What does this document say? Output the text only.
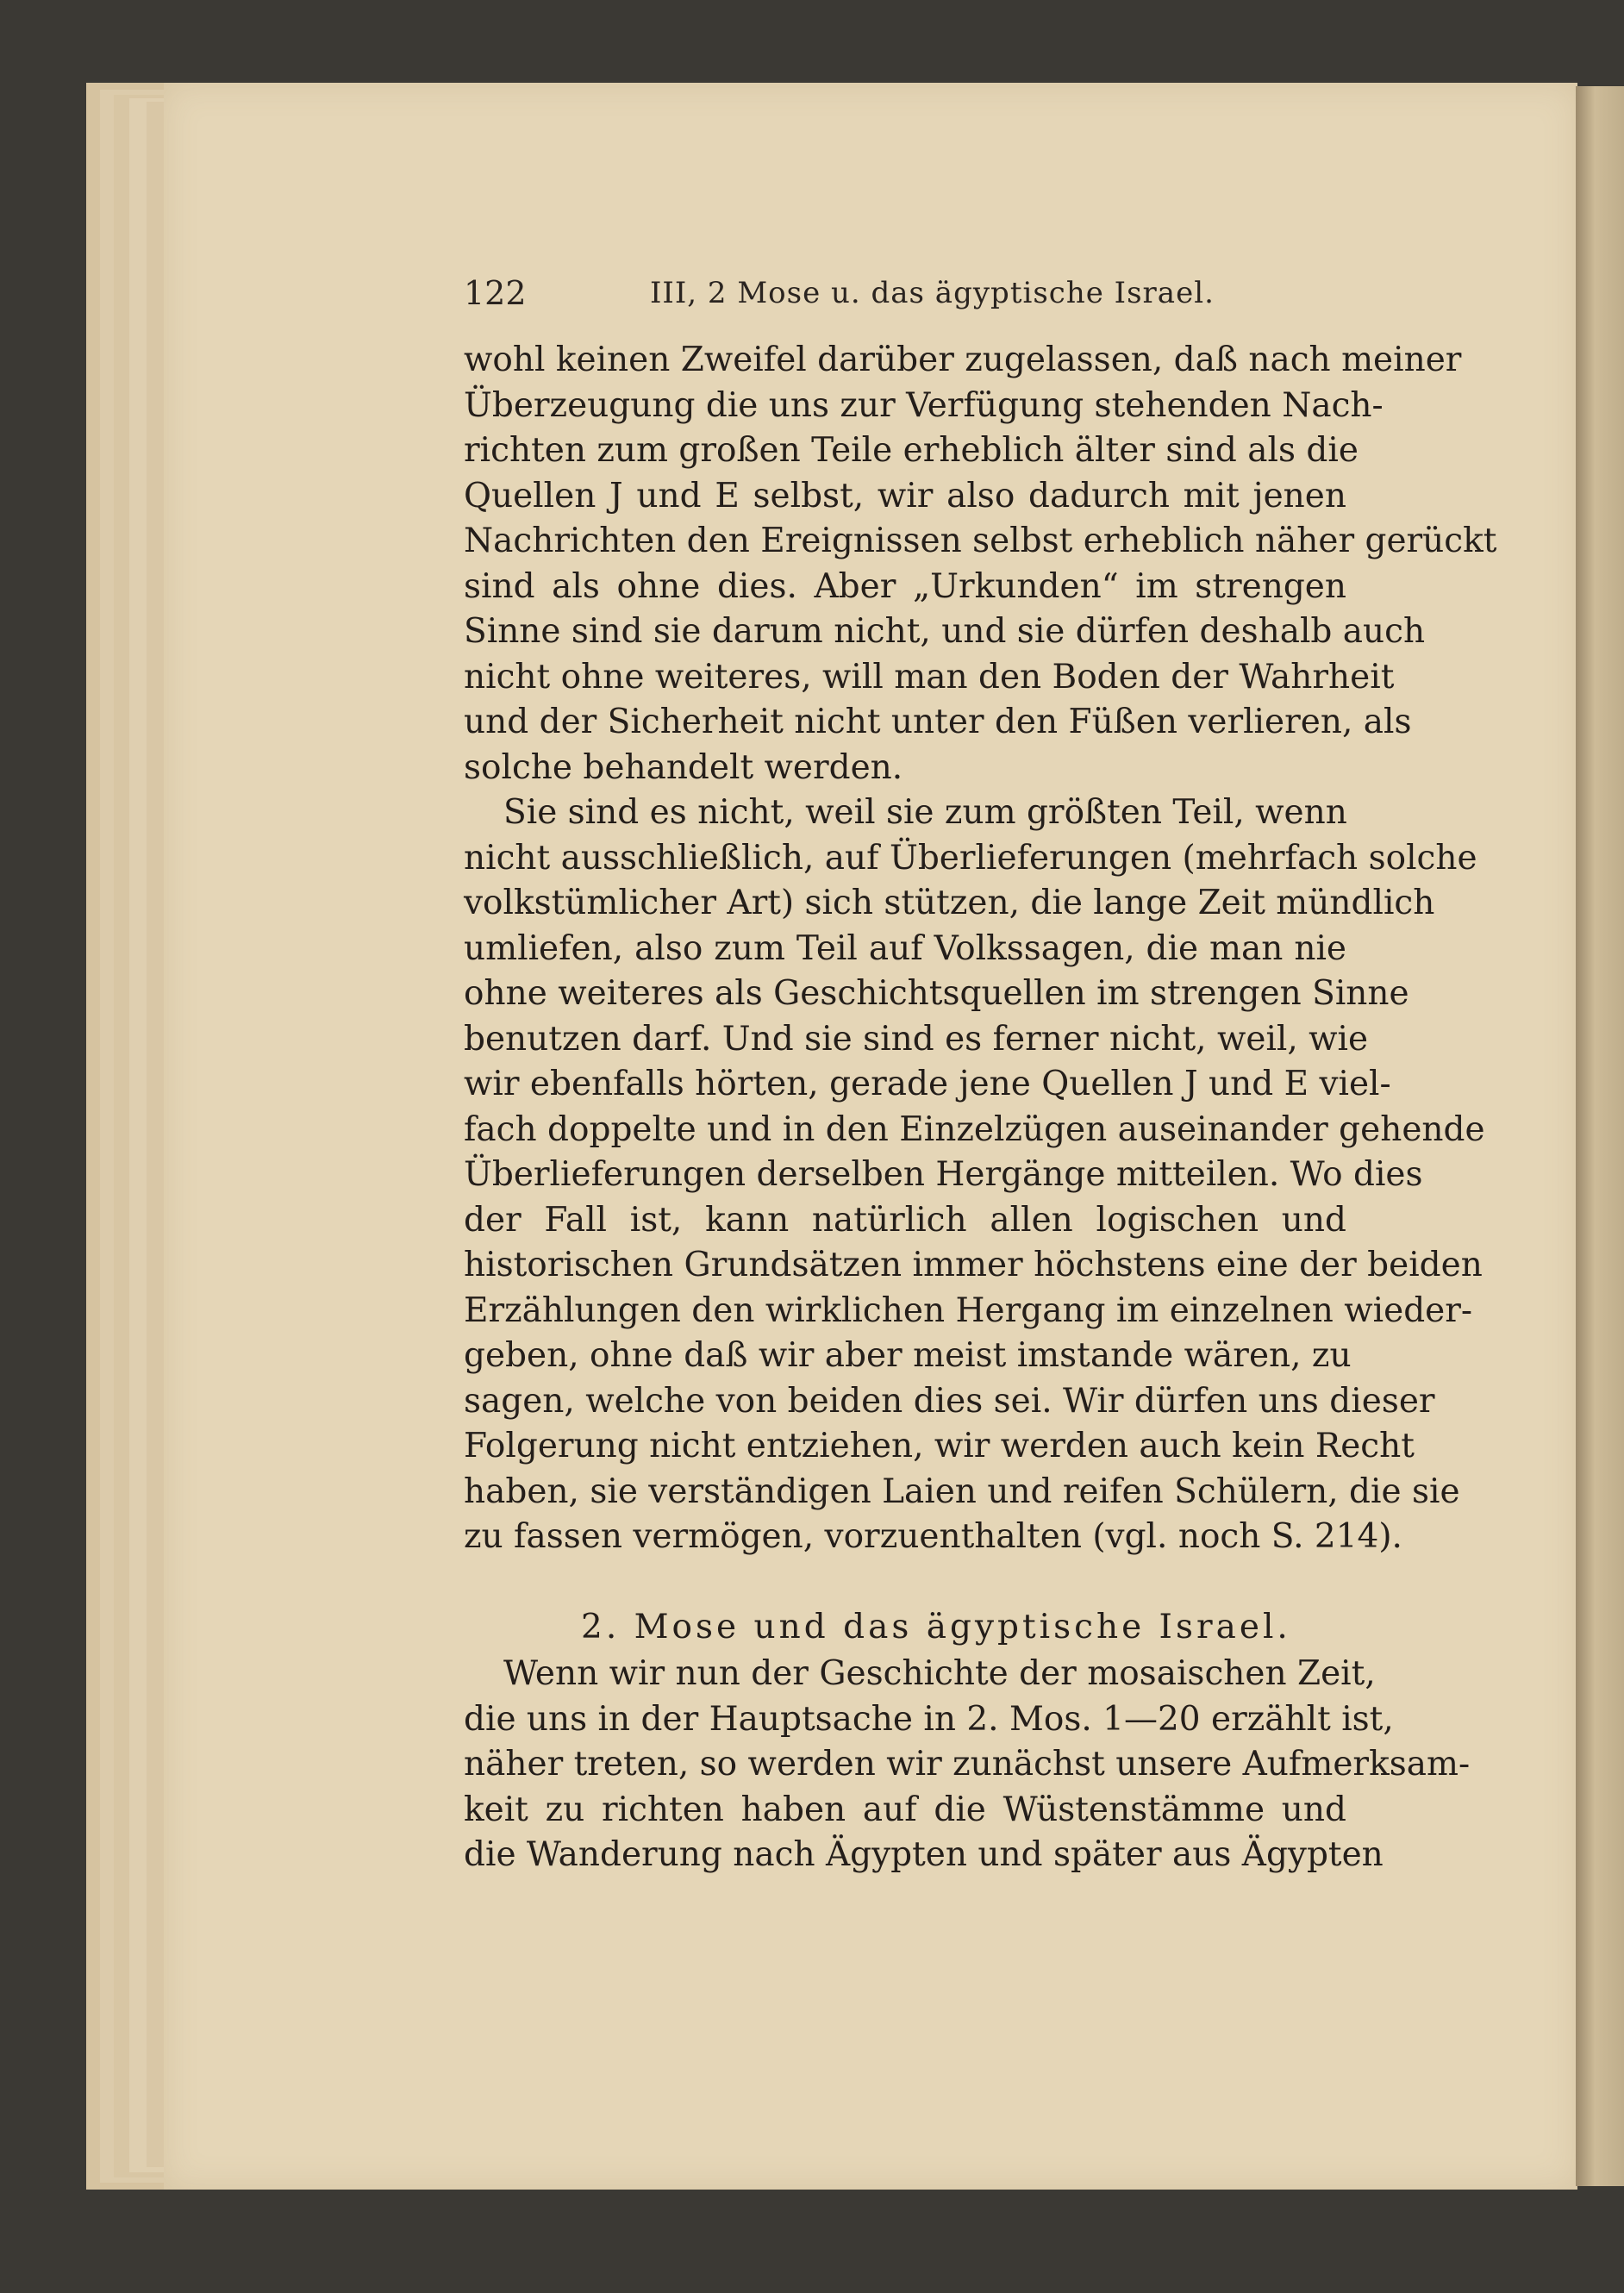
122	III, 2 Mose u. das ägyptische Israel.
wohl keinen Zweifel darüber zugelassen, daß nach meiner
Überzeugung die uns zur Verfügung stehenden Nach-
richten zum großen Teile erheblich älter sind als die
Quellen J und E selbst, wir also dadurch mit jenen
Nachrichten den Ereignissen selbst erheblich näher gerückt
sind als ohne dies. Aber „Urkunden“ im strengen
Sinne sind sie darum nicht, und sie dürfen deshalb auch
nicht ohne weiteres, will man den Boden der Wahrheit
und der Sicherheit nicht unter den Füßen verlieren, als
solche behandelt werden.
Sie sind es nicht, weil sie zum größten Teil, wenn
nicht ausschließlich, auf Überlieferungen (mehrfach solche
volkstümlicher Art) sich stützen, die lange Zeit mündlich
umliefen, also zum Teil auf Volkssagen, die man nie
ohne weiteres als Geschichtsquellen im strengen Sinne
benutzen darf. Und sie sind es ferner nicht, weil, wie
wir ebenfalls hörten, gerade jene Quellen J und E viel-
fach doppelte und in den Einzelzügen auseinander gehende
Überlieferungen derselben Hergänge mitteilen. Wo dies
der Fall ist, kann natürlich allen logischen und
historischen Grundsätzen immer höchstens eine der beiden
Erzählungen den wirklichen Hergang im einzelnen wieder-
geben, ohne daß wir aber meist imstande wären, zu
sagen, welche von beiden dies sei. Wir dürfen uns dieser
Folgerung nicht entziehen, wir werden auch kein Recht
haben, sie verständigen Laien und reifen Schülern, die sie
zu fassen vermögen, vorzuenthalten (vgl. noch S. 214).
2. Mose und das ägyptische Israel.
Wenn wir nun der Geschichte der mosaischen Zeit,
die uns in der Hauptsache in 2. Mos. 1—20 erzählt ist,
näher treten, so werden wir zunächst unsere Aufmerksam-
keit zu richten haben auf die Wüstenstämme und
die Wanderung nach Ägypten und später aus Ägypten
